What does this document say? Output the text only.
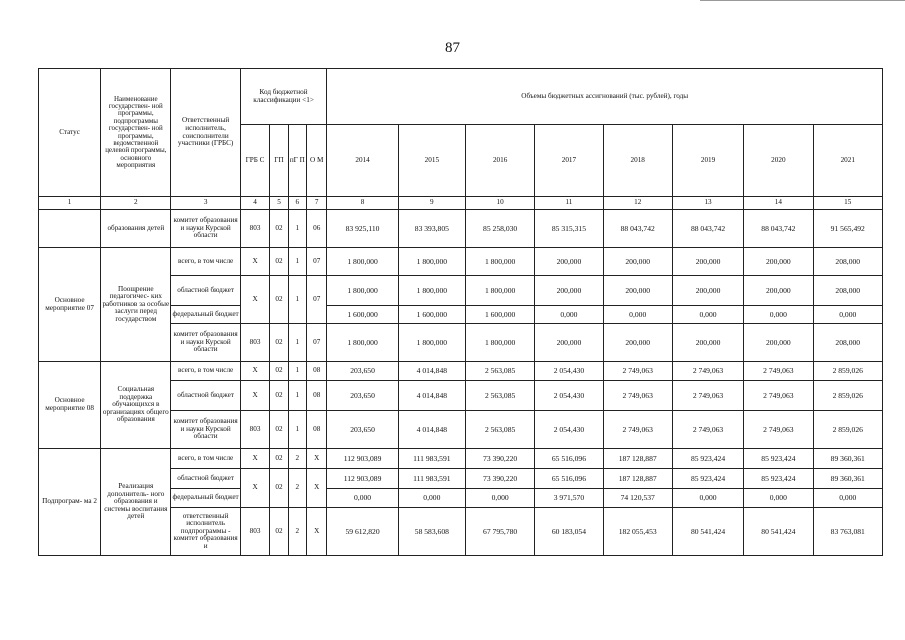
87
Статус	Наименование государствен- ной программы, подпрограммы государствен- ной программы, ведомственной целевой программы, основного мероприятия	Ответственный исполнитель, соисполнители участники (ГРБС)	Код бюджетной классификации <1>				Объемы бюджетных ассигнований (тыс. рублей), годы							
			ГРБ С	ГП	пГ П	О М	2014	2015	2016	2017	2018	2019	2020	2021
1	2	3	4	5	6	7	8	9	10	11	12	13	14	15
	образования детей	комитет образования и науки Курской области	803	02	1	06	83 925,110	83 393,805	85 258,030	85 315,315	88 043,742	88 043,742	88 043,742	91 565,492
Основное мероприятие 07	Поощрение педагогичес- ких работников за особые заслуги перед государством	всего, в том числе	X	02	1	07	1 800,000	1 800,000	1 800,000	200,000	200,000	200,000	200,000	208,000
		областной бюджет	X	02	1	07	1 800,000	1 800,000	1 800,000	200,000	200,000	200,000	200,000	208,000
		федеральный бюджет					1 600,000	1 600,000	1 600,000	0,000	0,000	0,000	0,000	0,000
		комитет образования и науки Курской области	803	02	1	07	1 800,000	1 800,000	1 800,000	200,000	200,000	200,000	200,000	208,000
Основное мероприятие 08	Социальная поддержка обучающихся в организациях общего образования	всего, в том числе	X	02	1	08	203,650	4 014,848	2 563,085	2 054,430	2 749,063	2 749,063	2 749,063	2 859,026
		областной бюджет	X	02	1	08	203,650	4 014,848	2 563,085	2 054,430	2 749,063	2 749,063	2 749,063	2 859,026
		комитет образования и науки Курской области	803	02	1	08	203,650	4 014,848	2 563,085	2 054,430	2 749,063	2 749,063	2 749,063	2 859,026
Подпрограм- ма 2	Реализация дополнитель- ного образования и системы воспитания детей	всего, в том числе	X	02	2	X	112 903,089	111 983,591	73 390,220	65 516,096	187 128,887	85 923,424	85 923,424	89 360,361
		областной бюджет	X	02	2	X	112 903,089	111 983,591	73 390,220	65 516,096	187 128,887	85 923,424	85 923,424	89 360,361
		федеральный бюджет					0,000	0,000	0,000	3 971,570	74 120,537	0,000	0,000	0,000
		ответственный исполнитель подпрограммы - комитет образования и	803	02	2	X	59 612,820	58 583,608	67 795,780	60 183,054	182 055,453	80 541,424	80 541,424	83 763,081
